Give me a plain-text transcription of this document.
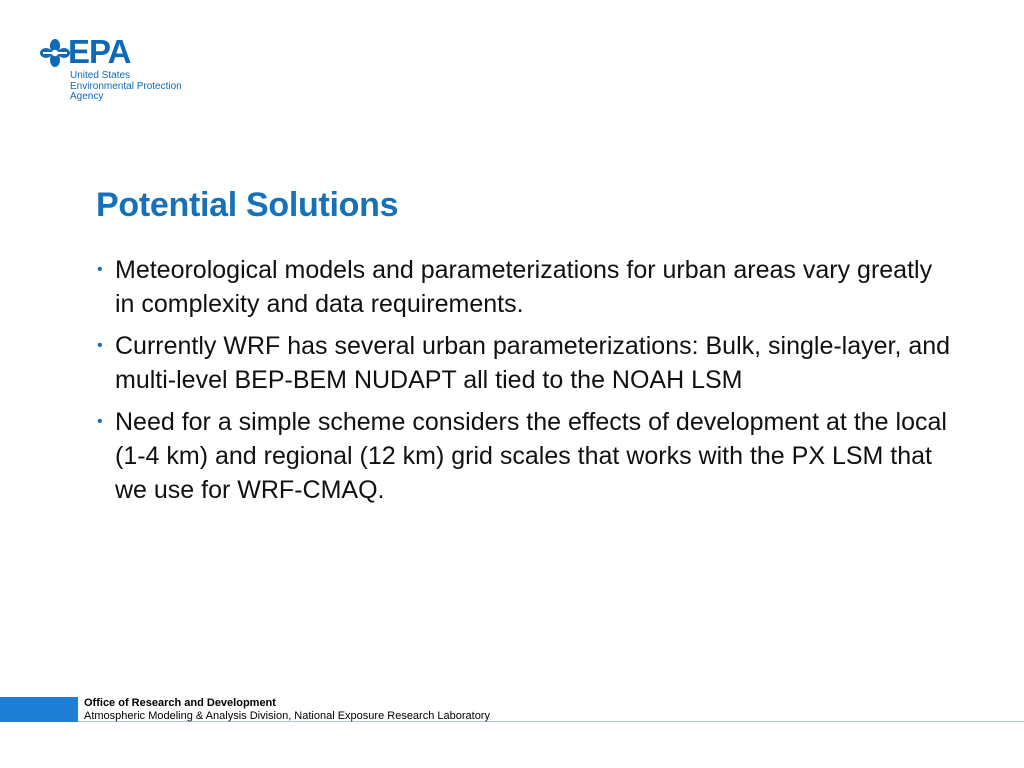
EPA
United States
Environmental Protection
Agency
Potential Solutions
• Meteorological models and parameterizations for urban areas vary greatly in complexity and data requirements.
• Currently WRF has several urban parameterizations: Bulk, single-layer, and multi-level BEP-BEM NUDAPT all tied to the NOAH LSM
• Need for a simple scheme considers the effects of development at the local (1-4 km) and regional (12 km) grid scales that works with the PX LSM that we use for WRF-CMAQ.
Office of Research and Development
Atmospheric Modeling & Analysis Division, National Exposure Research Laboratory
